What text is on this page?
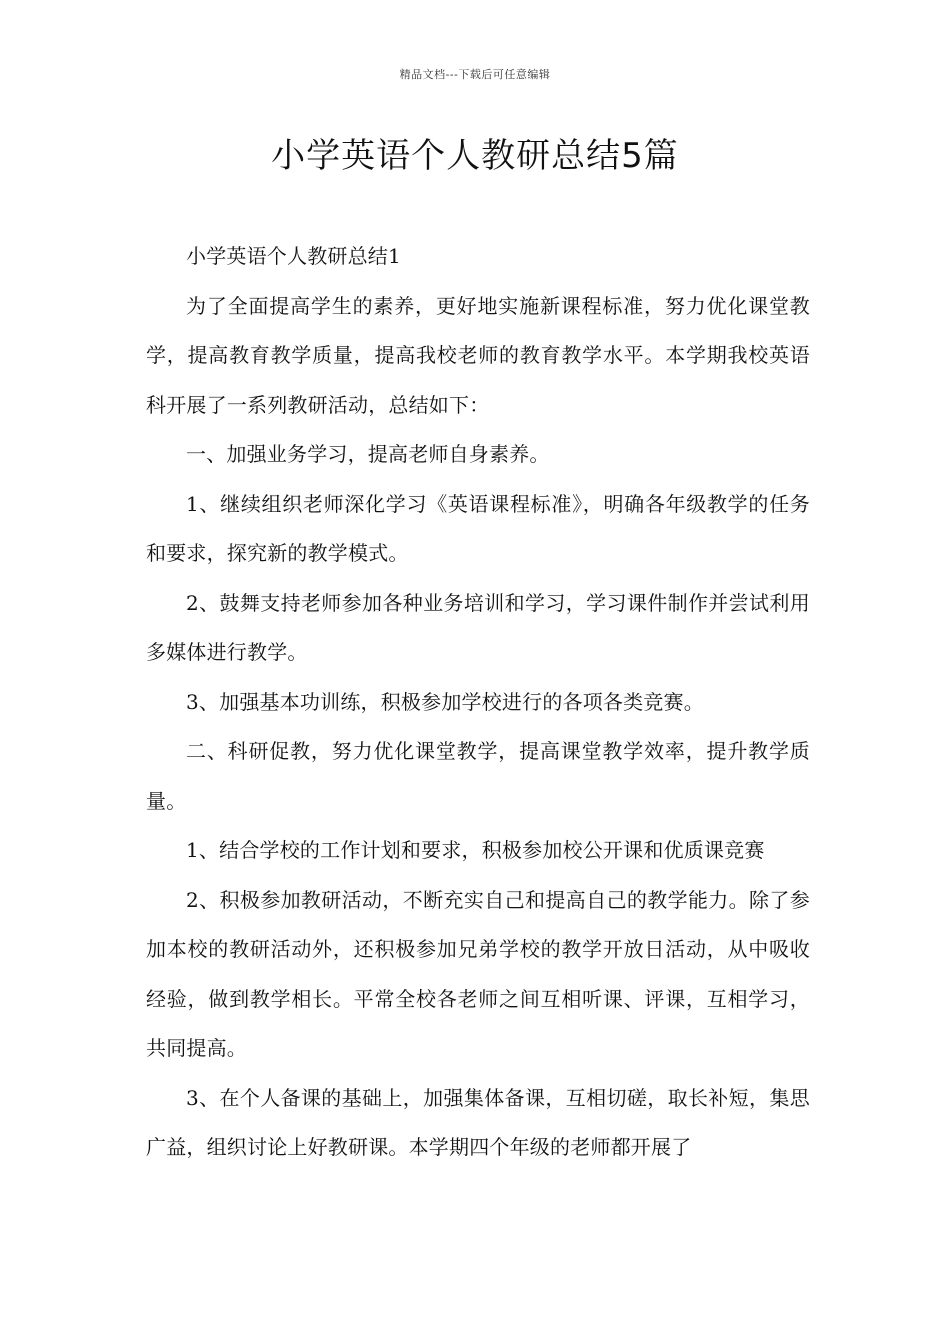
精品文档---下载后可任意编辑
小学英语个人教研总结5篇

小学英语个人教研总结1

为了全面提高学生的素养，更好地实施新课程标准，努力优化课堂教学，提高教育教学质量，提高我校老师的教育教学水平。本学期我校英语科开展了一系列教研活动，总结如下：

一、加强业务学习，提高老师自身素养。

1、继续组织老师深化学习《英语课程标准》，明确各年级教学的任务和要求，探究新的教学模式。

2、鼓舞支持老师参加各种业务培训和学习，学习课件制作并尝试利用多媒体进行教学。

3、加强基本功训练，积极参加学校进行的各项各类竞赛。

二、科研促教，努力优化课堂教学，提高课堂教学效率，提升教学质量。

1、结合学校的工作计划和要求，积极参加校公开课和优质课竞赛

2、积极参加教研活动，不断充实自己和提高自己的教学能力。除了参加本校的教研活动外，还积极参加兄弟学校的教学开放日活动，从中吸收经验，做到教学相长。平常全校各老师之间互相听课、评课，互相学习，共同提高。

3、在个人备课的基础上，加强集体备课，互相切磋，取长补短，集思广益，组织讨论上好教研课。本学期四个年级的老师都开展了
